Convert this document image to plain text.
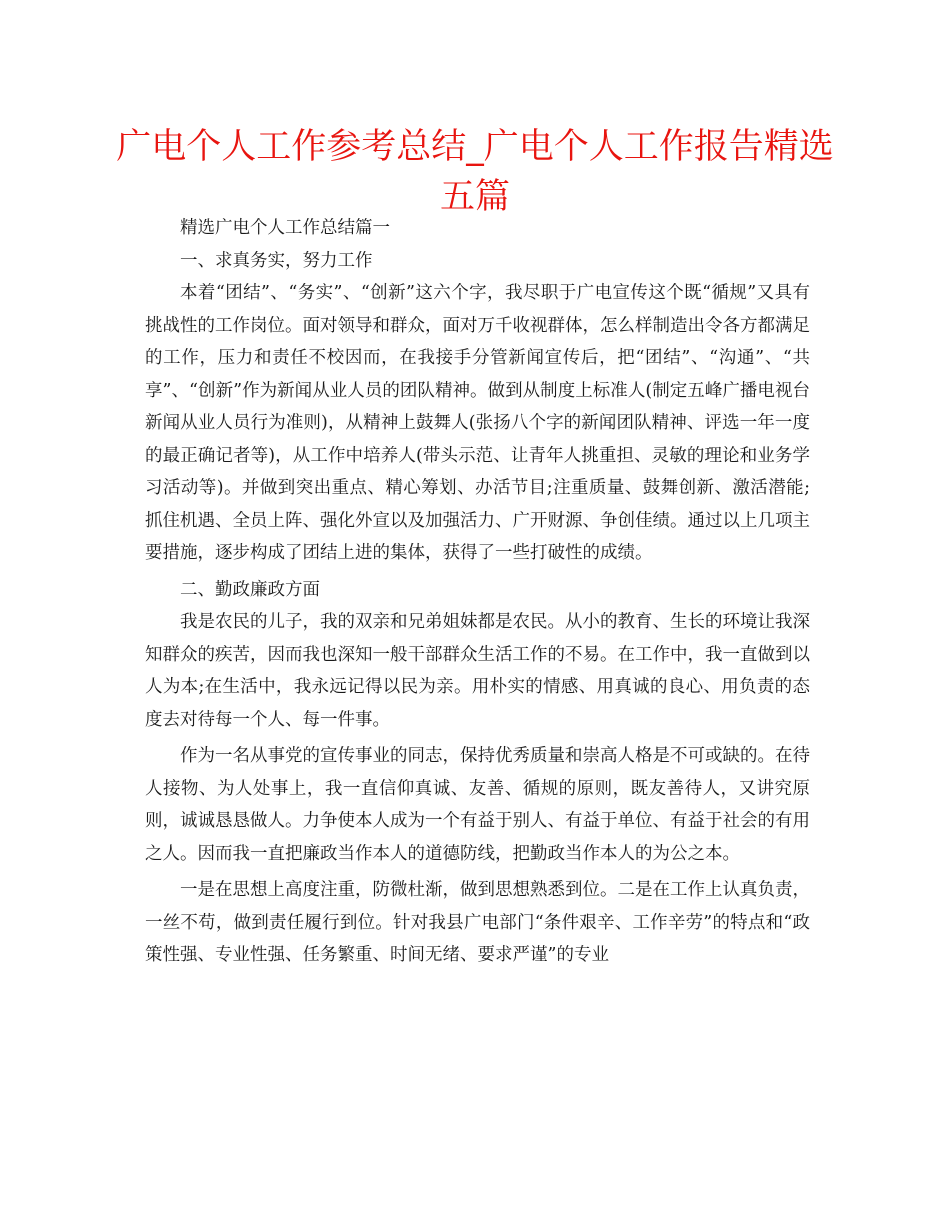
广电个人工作参考总结_广电个人工作报告精选
五篇

精选广电个人工作总结篇一

一、求真务实，努力工作

本着“团结”、“务实”、“创新”这六个字，我尽职于广电宣传这个既“循规”又具有挑战性的工作岗位。面对领导和群众，面对万千收视群体，怎么样制造出令各方都满足的工作，压力和责任不校因而，在我接手分管新闻宣传后，把“团结”、“沟通”、“共享”、“创新”作为新闻从业人员的团队精神。做到从制度上标准人(制定五峰广播电视台新闻从业人员行为准则)，从精神上鼓舞人(张扬八个字的新闻团队精神、评选一年一度的最正确记者等)，从工作中培养人(带头示范、让青年人挑重担、灵敏的理论和业务学习活动等)。并做到突出重点、精心筹划、办活节目;注重质量、鼓舞创新、激活潜能;抓住机遇、全员上阵、强化外宣以及加强活力、广开财源、争创佳绩。通过以上几项主要措施，逐步构成了团结上进的集体，获得了一些打破性的成绩。

二、勤政廉政方面

我是农民的儿子，我的双亲和兄弟姐妹都是农民。从小的教育、生长的环境让我深知群众的疾苦，因而我也深知一般干部群众生活工作的不易。在工作中，我一直做到以人为本;在生活中，我永远记得以民为亲。用朴实的情感、用真诚的良心、用负责的态度去对待每一个人、每一件事。

作为一名从事党的宣传事业的同志，保持优秀质量和崇高人格是不可或缺的。在待人接物、为人处事上，我一直信仰真诚、友善、循规的原则，既友善待人，又讲究原则，诚诚恳恳做人。力争使本人成为一个有益于别人、有益于单位、有益于社会的有用之人。因而我一直把廉政当作本人的道德防线，把勤政当作本人的为公之本。

一是在思想上高度注重，防微杜渐，做到思想熟悉到位。二是在工作上认真负责，一丝不苟，做到责任履行到位。针对我县广电部门“条件艰辛、工作辛劳”的特点和“政策性强、专业性强、任务繁重、时间无绪、要求严谨”的专业
